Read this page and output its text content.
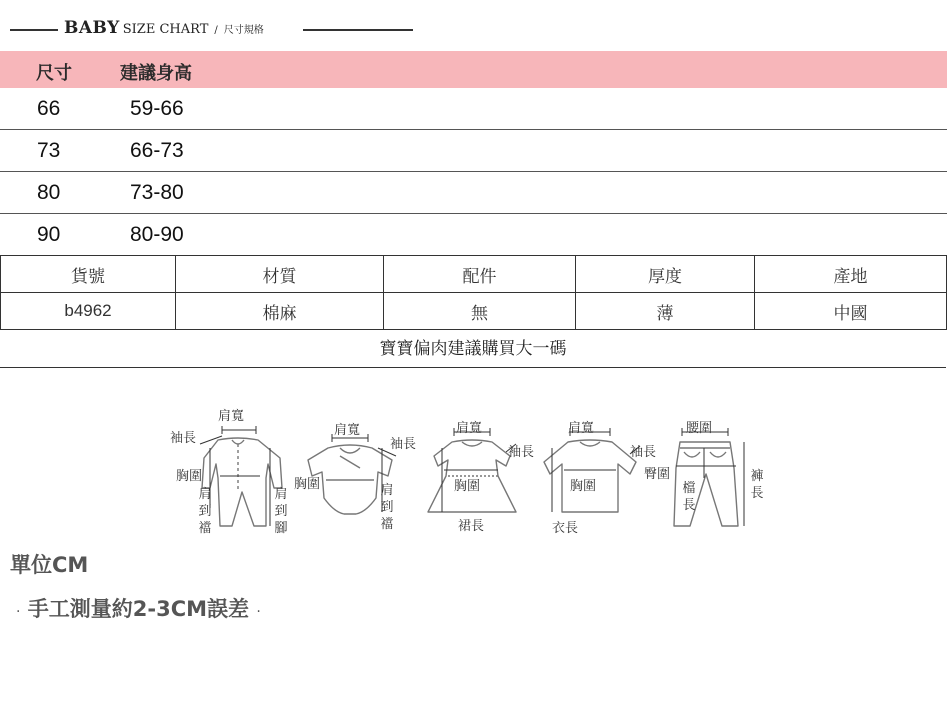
BABY SIZE CHART / 尺寸規格
尺寸	建議身高
66	59-66
73	66-73
80	73-80
90	80-90
貨號	材質	配件	厚度	產地
b4962	棉麻	無	薄	中國
寶寶偏肉建議購買大一碼
肩寬
袖長
胸圍
肩到襠
肩到腳
肩寬
袖長
胸圍	肩到襠
肩寬
袖長
胸圍
裙長
肩寬
袖長
胸圍
衣長
腰圍
臀圍
檔長
褲長
單位CM
· 手工測量約2-3CM誤差 ·
